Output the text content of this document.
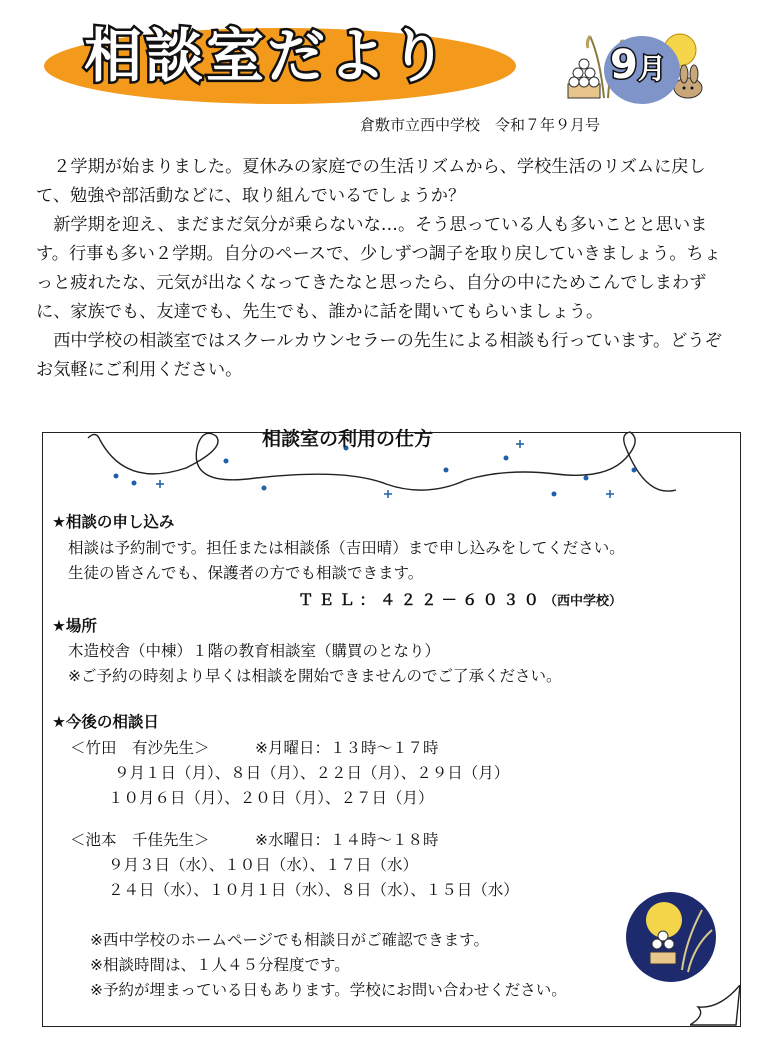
相談室だより	9月
倉敷市立西中学校　令和７年９月号

２学期が始まりました。夏休みの家庭での生活リズムから、学校生活のリズムに戻して、勉強や部活動などに、取り組んでいるでしょうか？

新学期を迎え、まだまだ気分が乗らないな…。そう思っている人も多いことと思います。行事も多い２学期。自分のペースで、少しずつ調子を取り戻していきましょう。ちょっと疲れたな、元気が出なくなってきたなと思ったら、自分の中にためこんでしまわずに、家族でも、友達でも、先生でも、誰かに話を聞いてもらいましょう。

西中学校の相談室ではスクールカウンセラーの先生による相談も行っています。どうぞお気軽にご利用ください。

相談室の利用の仕方
★相談の申し込み
相談は予約制です。担任または相談係（吉田晴）まで申し込みをしてください。
生徒の皆さんでも、保護者の方でも相談できます。
ＴＥＬ：４２２－６０３０（西中学校）
★場所
木造校舎（中棟）１階の教育相談室（購買のとなり）
※ご予約の時刻より早くは相談を開始できませんのでご了承ください。
★今後の相談日
＜竹田　有沙先生＞	※月曜日：１３時～１７時
９月１日（月）、８日（月）、２２日（月）、２９日（月）
１０月６日（月）、２０日（月）、２７日（月）
＜池本　千佳先生＞	※水曜日：１４時～１８時
９月３日（水）、１０日（水）、１７日（水）
２４日（水）、１０月１日（水）、８日（水）、１５日（水）
※西中学校のホームページでも相談日がご確認できます。
※相談時間は、１人４５分程度です。
※予約が埋まっている日もあります。学校にお問い合わせください。
